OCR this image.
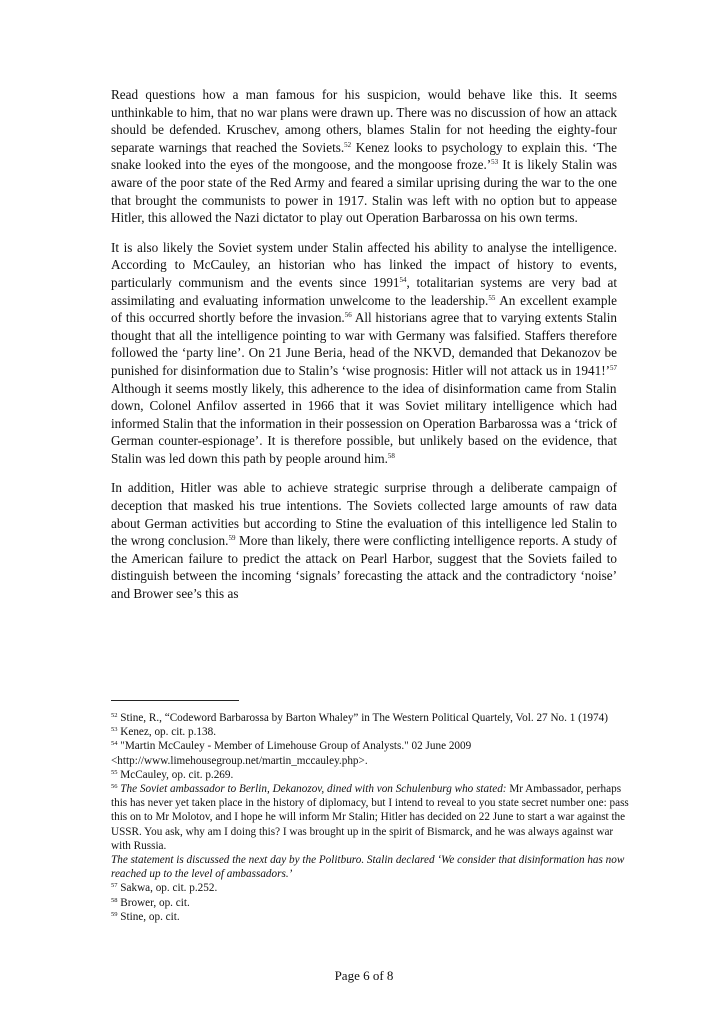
Read questions how a man famous for his suspicion, would behave like this. It seems unthinkable to him, that no war plans were drawn up. There was no discussion of how an attack should be defended. Kruschev, among others, blames Stalin for not heeding the eighty-four separate warnings that reached the Soviets.$^{52}$ Kenez looks to psychology to explain this. ‘The snake looked into the eyes of the mongoose, and the mongoose froze.’$^{53}$ It is likely Stalin was aware of the poor state of the Red Army and feared a similar uprising during the war to the one that brought the communists to power in 1917. Stalin was left with no option but to appease Hitler, this allowed the Nazi dictator to play out Operation Barbarossa on his own terms.

It is also likely the Soviet system under Stalin affected his ability to analyse the intelligence. According to McCauley, an historian who has linked the impact of history to events, particularly communism and the events since 1991$^{54}$, totalitarian systems are very bad at assimilating and evaluating information unwelcome to the leadership.$^{55}$ An excellent example of this occurred shortly before the invasion.$^{56}$ All historians agree that to varying extents Stalin thought that all the intelligence pointing to war with Germany was falsified. Staffers therefore followed the ‘party line’. On 21 June Beria, head of the NKVD, demanded that Dekanozov be punished for disinformation due to Stalin’s ‘wise prognosis: Hitler will not attack us in 1941!’$^{57}$ Although it seems mostly likely, this adherence to the idea of disinformation came from Stalin down, Colonel Anfilov asserted in 1966 that it was Soviet military intelligence which had informed Stalin that the information in their possession on Operation Barbarossa was a ‘trick of German counter-espionage’. It is therefore possible, but unlikely based on the evidence, that Stalin was led down this path by people around him.$^{58}$

In addition, Hitler was able to achieve strategic surprise through a deliberate campaign of deception that masked his true intentions. The Soviets collected large amounts of raw data about German activities but according to Stine the evaluation of this intelligence led Stalin to the wrong conclusion.$^{59}$ More than likely, there were conflicting intelligence reports. A study of the American failure to predict the attack on Pearl Harbor, suggest that the Soviets failed to distinguish between the incoming ‘signals’ forecasting the attack and the contradictory ‘noise’ and Brower see’s this as

$^{52}$ Stine, R., “Codeword Barbarossa by Barton Whaley” in The Western Political Quartely, Vol. 27 No. 1 (1974)

$^{53}$ Kenez, op. cit. p.138.

$^{54}$ "Martin McCauley - Member of Limehouse Group of Analysts." 02 June 2009 <http://www.limehousegroup.net/martin_mccauley.php>.

$^{55}$ McCauley, op. cit. p.269.

$^{56}$ The Soviet ambassador to Berlin, Dekanozov, dined with von Schulenburg who stated: Mr Ambassador, perhaps this has never yet taken place in the history of diplomacy, but I intend to reveal to you state secret number one: pass this on to Mr Molotov, and I hope he will inform Mr Stalin; Hitler has decided on 22 June to start a war against the USSR. You ask, why am I doing this? I was brought up in the spirit of Bismarck, and he was always against war with Russia.

The statement is discussed the next day by the Politburo. Stalin declared ‘We consider that disinformation has now reached up to the level of ambassadors.’

$^{57}$ Sakwa, op. cit. p.252.

$^{58}$ Brower, op. cit.

$^{59}$ Stine, op. cit.

Page 6 of 8
